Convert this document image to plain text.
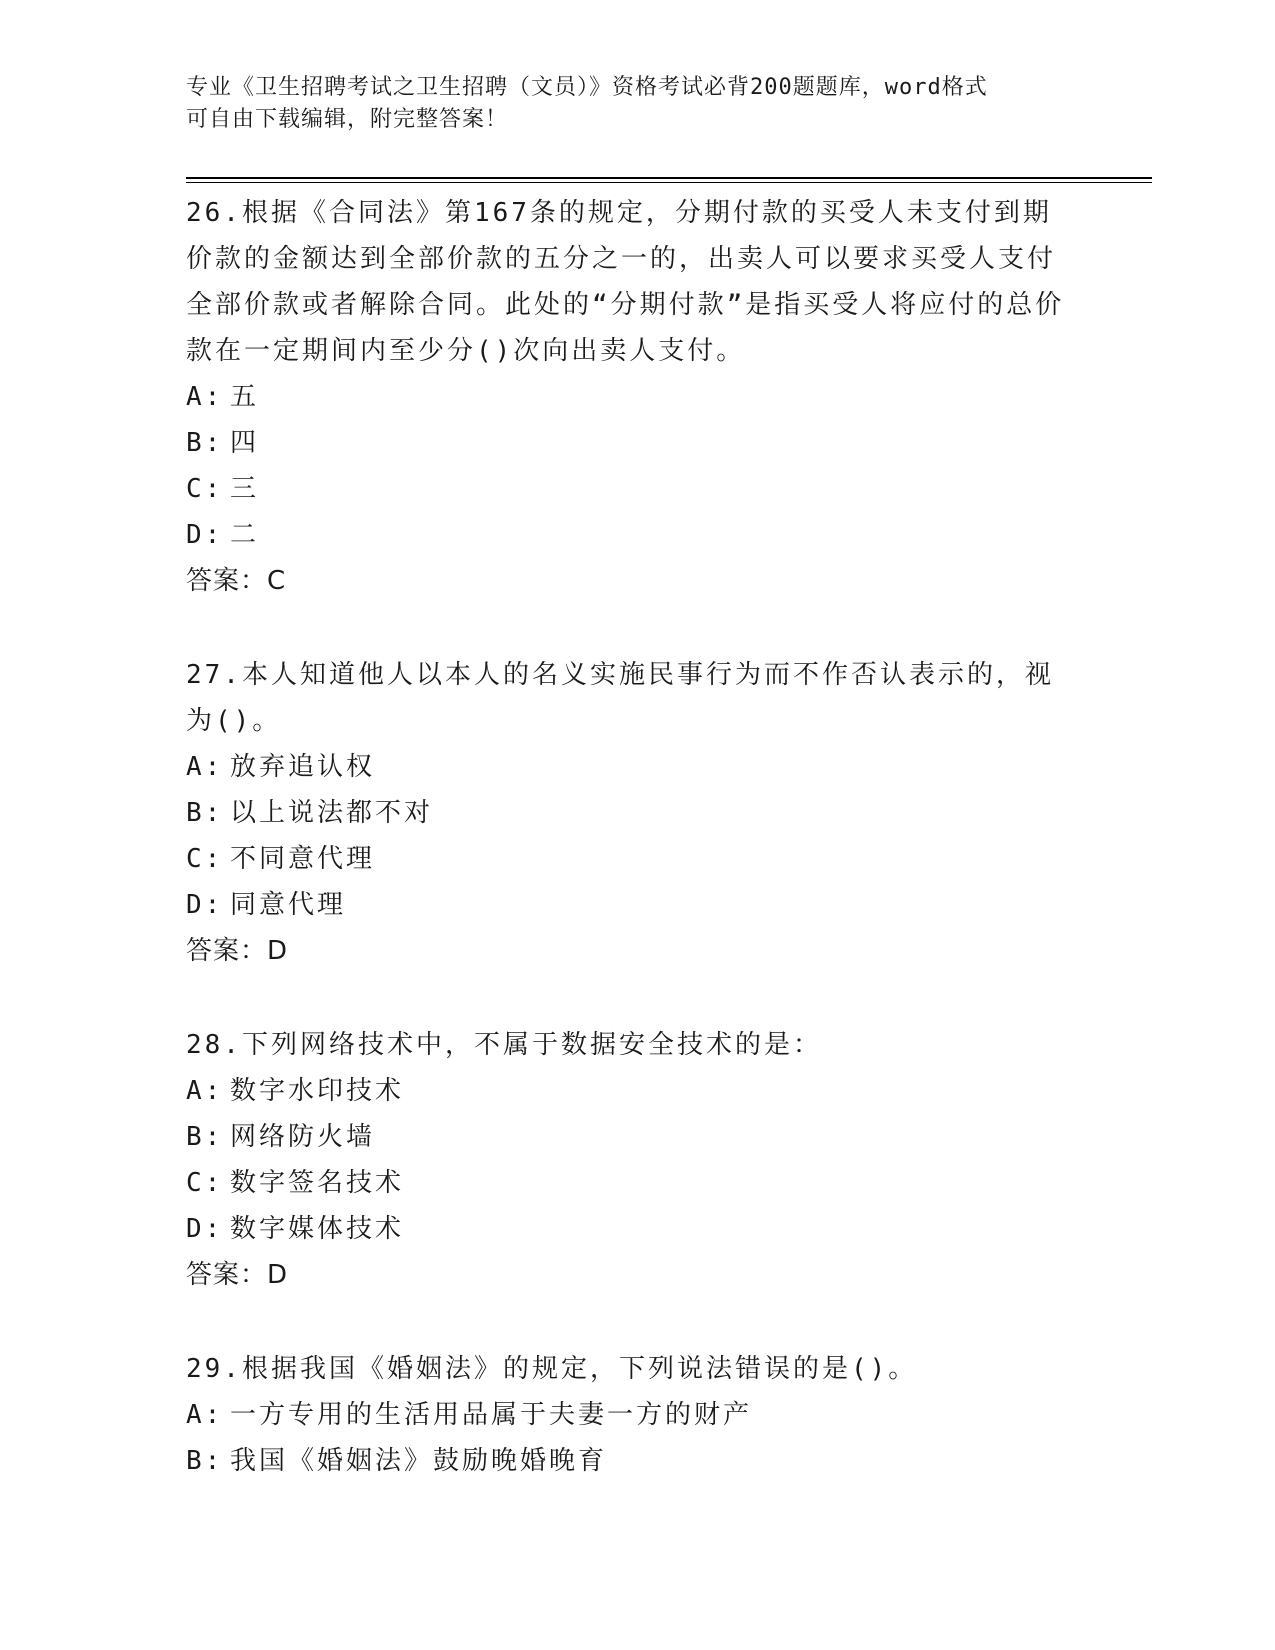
专业《卫生招聘考试之卫生招聘（文员）》资格考试必背200题题库，word格式
可自由下载编辑，附完整答案！

26.根据《合同法》第167条的规定，分期付款的买受人未支付到期价款的金额达到全部价款的五分之一的，出卖人可以要求买受人支付全部价款或者解除合同。此处的“分期付款”是指买受人将应付的总价款在一定期间内至少分()次向出卖人支付。

A: 五

B: 四

C: 三

D: 二

答案：C

27.本人知道他人以本人的名义实施民事行为而不作否认表示的，视为()。

A: 放弃追认权

B: 以上说法都不对

C: 不同意代理

D: 同意代理

答案：D

28.下列网络技术中，不属于数据安全技术的是：

A: 数字水印技术

B: 网络防火墙

C: 数字签名技术

D: 数字媒体技术

答案：D

29.根据我国《婚姻法》的规定，下列说法错误的是()。

A: 一方专用的生活用品属于夫妻一方的财产

B: 我国《婚姻法》鼓励晚婚晚育
